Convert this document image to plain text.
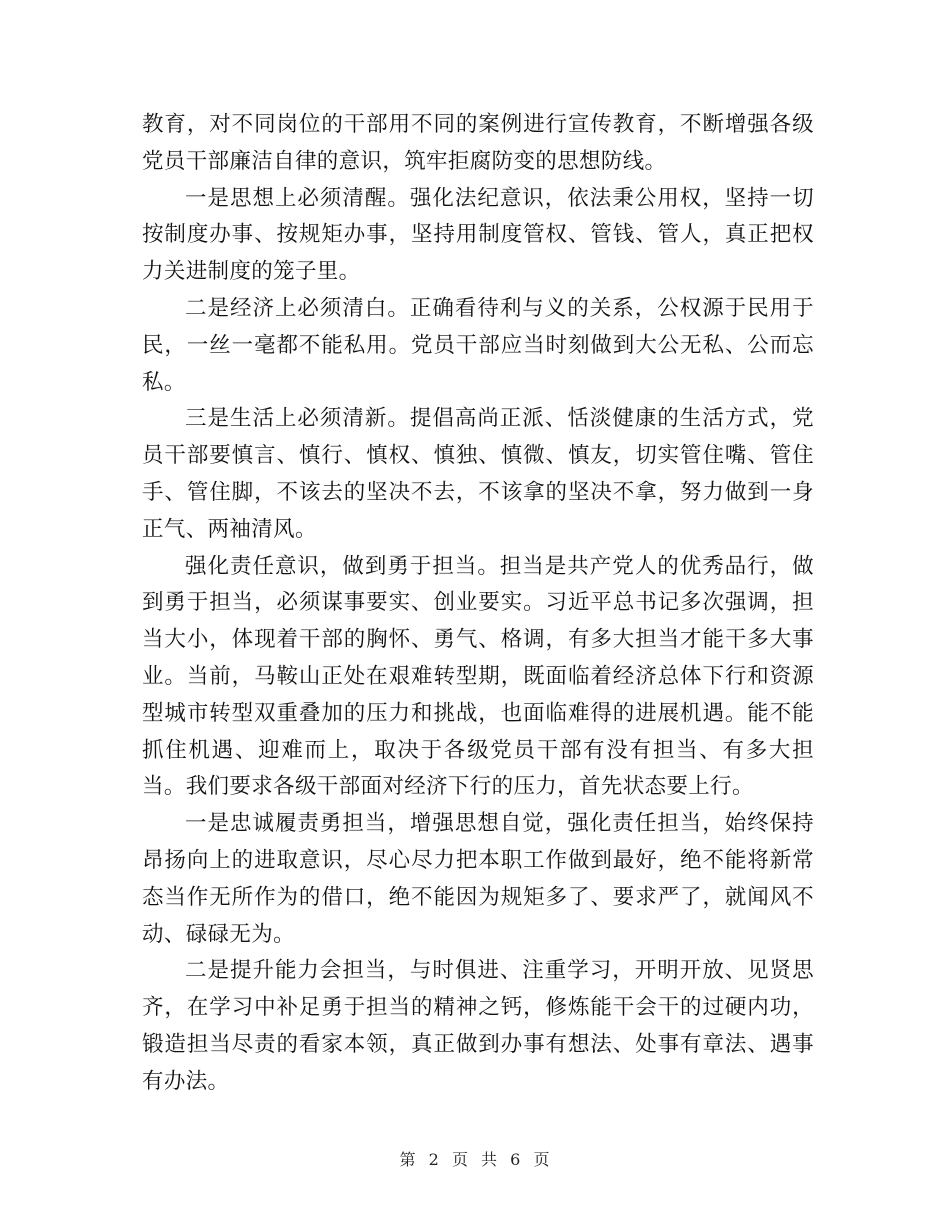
教育，对不同岗位的干部用不同的案例进行宣传教育，不断增强各级党员干部廉洁自律的意识，筑牢拒腐防变的思想防线。

一是思想上必须清醒。强化法纪意识，依法秉公用权，坚持一切按制度办事、按规矩办事，坚持用制度管权、管钱、管人，真正把权力关进制度的笼子里。

二是经济上必须清白。正确看待利与义的关系，公权源于民用于民，一丝一毫都不能私用。党员干部应当时刻做到大公无私、公而忘私。

三是生活上必须清新。提倡高尚正派、恬淡健康的生活方式，党员干部要慎言、慎行、慎权、慎独、慎微、慎友，切实管住嘴、管住手、管住脚，不该去的坚决不去，不该拿的坚决不拿，努力做到一身正气、两袖清风。

强化责任意识，做到勇于担当。担当是共产党人的优秀品行，做到勇于担当，必须谋事要实、创业要实。习近平总书记多次强调，担当大小，体现着干部的胸怀、勇气、格调，有多大担当才能干多大事业。当前，马鞍山正处在艰难转型期，既面临着经济总体下行和资源型城市转型双重叠加的压力和挑战，也面临难得的进展机遇。能不能抓住机遇、迎难而上，取决于各级党员干部有没有担当、有多大担当。我们要求各级干部面对经济下行的压力，首先状态要上行。

一是忠诚履责勇担当，增强思想自觉，强化责任担当，始终保持昂扬向上的进取意识，尽心尽力把本职工作做到最好，绝不能将新常态当作无所作为的借口，绝不能因为规矩多了、要求严了，就闻风不动、碌碌无为。

二是提升能力会担当，与时俱进、注重学习，开明开放、见贤思齐，在学习中补足勇于担当的精神之钙，修炼能干会干的过硬内功，锻造担当尽责的看家本领，真正做到办事有想法、处事有章法、遇事有办法。

第 2 页 共 6 页
